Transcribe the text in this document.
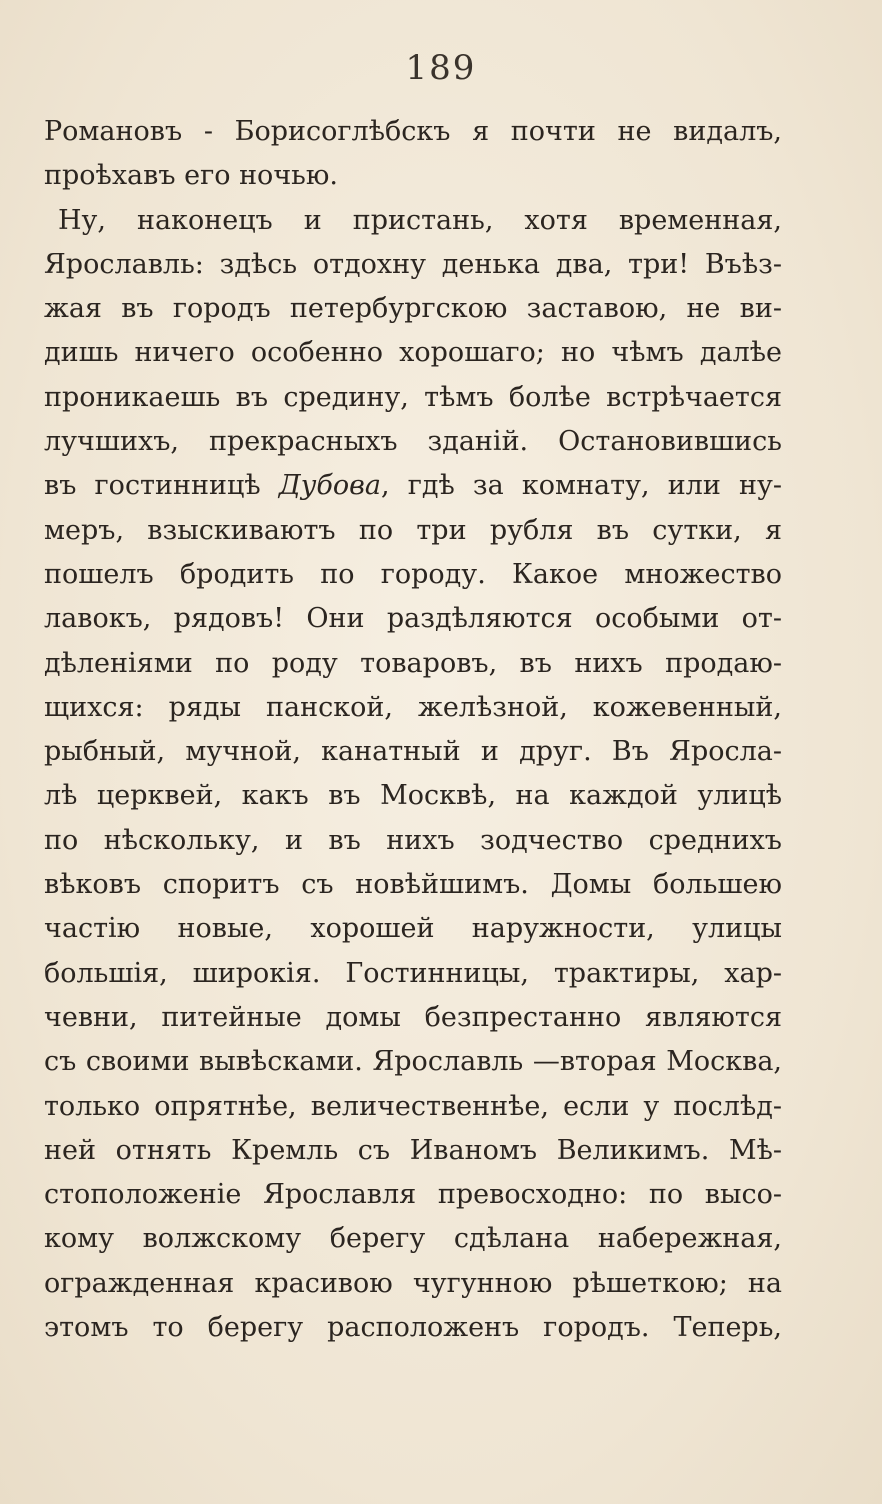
189
Романовъ - Борисоглѣбскъ я почти не видалъ,
проѣхавъ его ночью.
Ну, наконецъ и пристань, хотя временная,
Ярославль: здѣсь отдохну денька два, три! Въѣз-
жая въ городъ петербургскою заставою, не ви-
дишь ничего особенно хорошаго; но чѣмъ далѣе
проникаешь въ средину, тѣмъ болѣе встрѣчается
лучшихъ, прекрасныхъ зданій. Остановившись
въ гостинницѣ Дубова, гдѣ за комнату, или ну-
меръ, взыскиваютъ по три рубля въ сутки, я
пошелъ бродить по городу. Какое множество
лавокъ, рядовъ! Они раздѣляются особыми от-
дѣленіями по роду товаровъ, въ нихъ продаю-
щихся: ряды панской, желѣзной, кожевенный,
рыбный, мучной, канатный и друг. Въ Яросла-
лѣ церквей, какъ въ Москвѣ, на каждой улицѣ
по нѣскольку, и въ нихъ зодчество среднихъ
вѣковъ споритъ съ новѣйшимъ. Домы большею
частію новые, хорошей наружности, улицы
большія, широкія. Гостинницы, трактиры, хар-
чевни, питейные домы безпрестанно являются
съ своими вывѣсками. Ярославль —вторая Москва,
только опрятнѣе, величественнѣе, если у послѣд-
ней отнять Кремль съ Иваномъ Великимъ. Мѣ-
стоположеніе Ярославля превосходно: по высо-
кому волжскому берегу сдѣлана набережная,
огражденная красивою чугунною рѣшеткою; на
этомъ то берегу расположенъ городъ. Теперь,
